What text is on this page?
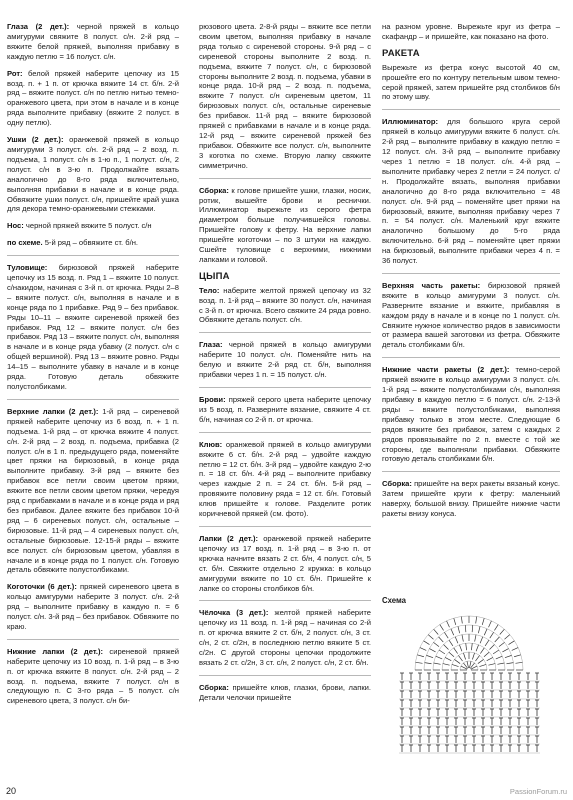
Глаза (2 дет.): черной пряжей в кольцо амигуруми свяжите 8 полуст. с/н. 2-й ряд – вяжите белой пряжей, выполняя прибавку в каждую петлю = 16 полуст. с/н.

Рот: белой пряжей наберите цепочку из 15 возд. п. + 1 п. от крючка вяжите 14 ст. б/н. 2-й ряд – вяжите полуст. с/н по петлю нитью темно-оранжевого цвета, при этом в начале и в конце ряда выполните прибавку (вяжите 2 полуст. в одну петлю).

Ушки (2 дет.): оранжевой пряжей в кольцо амигуруми 3 полуст. с/н. 2-й ряд – 2 возд. п. подъема, 1 полуст. с/н в 1-ю п., 1 полуст. с/н, 2 полуст. с/н в 3-ю п. Продолжайте вязать аналогично до 8-го ряда включительно, выполняя прибавки в начале и в конце ряда. Обвяжите ушки полуст. с/н, пришейте край ушка для декора темно-оранжевыми стежками.

Нос: черной пряжей вяжите 5 полуст. с/н

по схеме. 5-й ряд – обвяжите ст. б/н.

Туловище: бирюзовой пряжей наберите цепочку из 15 возд. п. Ряд 1 – вяжите 10 полуст. с/накидом, начиная с 3-й п. от крючка. Ряды 2–8 – вяжите полуст. с/н, выполняя в начале и в конце ряда по 1 прибавке. Ряд 9 – без прибавок. Ряды 10–11 – вяжите сиреневой пряжей без прибавок. Ряд 12 – вяжите полуст. с/н без прибавок. Ряд 13 – вяжите полуст. с/н, выполняя в начале и в конце ряда убавку (2 полуст. с/н с общей вершиной). Ряд 13 – вяжите ровно. Ряды 14–15 – выполните убавку в начале и в конце ряда. Готовую деталь обвяжите полустолбиками.

Верхние лапки (2 дет.): 1-й ряд – сиреневой пряжей наберите цепочку из 6 возд. п. + 1 п. подъема. 1-й ряд – от крючка вяжите 4 полуст. с/н. 2-й ряд – 2 возд. п. подъема, прибавка (2 полуст. с/н в 1 п. предыдущего ряда, поменяйте цвет пряжи на бирюзовый, в конце ряда выполните прибавку. 3-й ряд – вяжите без прибавок все петли своим цветом пряжи, вяжите все петли своим цветом пряжи, чередуя ряд с прибавками в начале и в конце ряда и ряд без прибавок. Далее вяжите без прибавок 10-й ряд – 6 сиреневых полуст. с/н, остальные – бирюзовые. 11-й ряд – 4 сиреневых полуст. с/н, остальные бирюзовые. 12-15-й ряды – вяжите все полуст. с/н бирюзовым цветом, убавляя в начале и в конце ряда по 1 полуст. с/н. Готовую деталь обвяжите полустолбиками.

Коготочки (6 дет.): пряжей сиреневого цвета в кольцо амигуруми наберите 3 полуст. с/н. 2-й ряд – выполните прибавку в каждую п. = 6 полуст. с/н. 3-й ряд – без прибавок. Обвяжите по краю.

Нижние лапки (2 дет.): сиреневой пряжей наберите цепочку из 10 возд. п. 1-й ряд – в 3-ю п. от крючка вяжите 8 полуст. с/н. 2-й ряд – 2 возд. п. подъема, вяжите 7 полуст. с/н в следующую п. С 3-го ряда – 5 полуст. с/н сиреневого цвета, 3 полуст. с/н би-

рюзового цвета. 2-8-й ряды – вяжите все петли своим цветом, выполняя прибавку в начале ряда только с сиреневой стороны. 9-й ряд – с сиреневой стороны выполните 2 возд. п. подъема, вяжите 7 полуст. с/н, с бирюзовой стороны выполните 2 возд. п. подъема, убавки в конце ряда. 10-й ряд – 2 возд. п. подъема, вяжите 7 полуст. с/н сиреневым цветом, 11 бирюзовых полуст. с/н, остальные сиреневые без прибавок. 11-й ряд – вяжите бирюзовой пряжей с прибавками в начале и в конце ряда. 12-й ряд – вяжите сиреневой пряжей без прибавок. Обвяжите все полуст. с/н, выполните 3 коготка по схеме. Вторую лапку свяжите симметрично.

Сборка: к голове пришейте ушки, глазки, носик, ротик, вышейте брови и реснички. Иллюминатор вырежьте из серого фетра диаметром больше получившейся головы. Пришейте голову к фетру. На верхние лапки пришейте коготочки – по 3 штуки на каждую. Сшейте туловище с верхними, нижними лапками и головой.

ЦЫПА

Тело: наберите желтой пряжей цепочку из 32 возд. п. 1-й ряд – вяжите 30 полуст. с/н, начиная с 3-й п. от крючка. Всего свяжите 24 ряда ровно. Обвяжите деталь полуст. с/н.

Глаза: черной пряжей в кольцо амигуруми наберите 10 полуст. с/н. Поменяйте нить на белую и вяжите 2-й ряд ст. б/н, выполняя прибавки через 1 п. = 15 полуст. с/н.

Брови: пряжей серого цвета наберите цепочку из 5 возд. п. Разверните вязание, свяжите 4 ст. б/н, начиная со 2-й п. от крючка.

Клюв: оранжевой пряжей в кольцо амигуруми вяжите 6 ст. б/н. 2-й ряд – удвойте каждую петлю = 12 ст. б/н. 3-й ряд – удвойте каждую 2-ю п. = 18 ст. б/н. 4-й ряд – выполните прибавку через каждые 2 п. = 24 ст. б/н. 5-й ряд – провяжите половину ряда = 12 ст. б/н. Готовый клюв пришейте к голове. Разделите ротик коричневой пряжей (см. фото).

Лапки (2 дет.): оранжевой пряжей наберите цепочку из 17 возд. п. 1-й ряд – в 3-ю п. от крючка начните вязать 2 ст. б/н, 4 полуст. с/н, 5 ст. б/н. Свяжите отдельно 2 кружка: в кольцо амигуруми вяжите по 10 ст. б/н. Пришейте к лапке со стороны столбиков б/н.

Чёлочка (3 дет.): желтой пряжей наберите цепочку из 11 возд. п. 1-й ряд – начиная со 2-й п. от крючка вяжите 2 ст. б/н, 2 полуст. с/н, 3 ст. с/н, 2 ст. с/2н, в последнюю петлю вяжите 5 ст. с/2н. С другой стороны цепочки продолжите вязать 2 ст. с/2н, 3 ст. с/н, 2 полуст. с/н, 2 ст. б/н.

Сборка: пришейте клюв, глазки, брови, лапки. Детали челочки пришейте

на разном уровне. Вырежьте круг из фетра – скафандр – и пришейте, как показано на фото.

РАКЕТА

Вырежьте из фетра конус высотой 40 см, прошейте его по контуру петельным швом темно-серой пряжей, затем пришейте ряд столбиков б/н по этому шву.

Иллюминатор: для большого круга серой пряжей в кольцо амигуруми вяжите 6 полуст. с/н. 2-й ряд – выполните прибавку в каждую петлю = 12 полуст. с/н. 3-й ряд – выполните прибавку через 1 петлю = 18 полуст. с/н. 4-й ряд – выполните прибавку через 2 петли = 24 полуст. с/н. Продолжайте вязать, выполняя прибавки аналогично до 8-го ряда включительно = 48 полуст. с/н. 9-й ряд – поменяйте цвет пряжи на бирюзовый, вяжите, выполняя прибавку через 7 п. = 54 полуст. с/н. Маленький круг вяжите аналогично большому до 5-го ряда включительно. 6-й ряд – поменяйте цвет пряжи на бирюзовый, выполните прибавки через 4 п. = 36 полуст.

Верхняя часть ракеты: бирюзовой пряжей вяжите в кольцо амигуруми 3 полуст. с/н. Разверните вязание и вяжите, прибавляя в каждом ряду в начале и в конце по 1 полуст. с/н. Свяжите нужное количество рядов в зависимости от размера вашей заготовки из фетра. Обвяжите деталь столбиками б/н.

Нижние части ракеты (2 дет.): темно-серой пряжей вяжите в кольцо амигуруми 3 полуст. с/н. 1-й ряд – вяжите полустолбиками с/н, выполняя прибавку в каждую петлю = 6 полуст. с/н. 2-13-й ряды – вяжите полустолбиками, выполняя прибавку только в этом месте. Следующие 6 рядов вяжите без прибавок, затем с каждых 2 рядов провязывайте по 2 п. вместе с той же стороны, где выполняли прибавки. Обвяжите готовую деталь столбиками б/н.

Сборка: пришейте на верх ракеты вязаный конус. Затем пришейте круги к фетру: маленький наверху, большой внизу. Пришейте нижние части ракеты внизу конуса.

Схема
20	PassionForum.ru
